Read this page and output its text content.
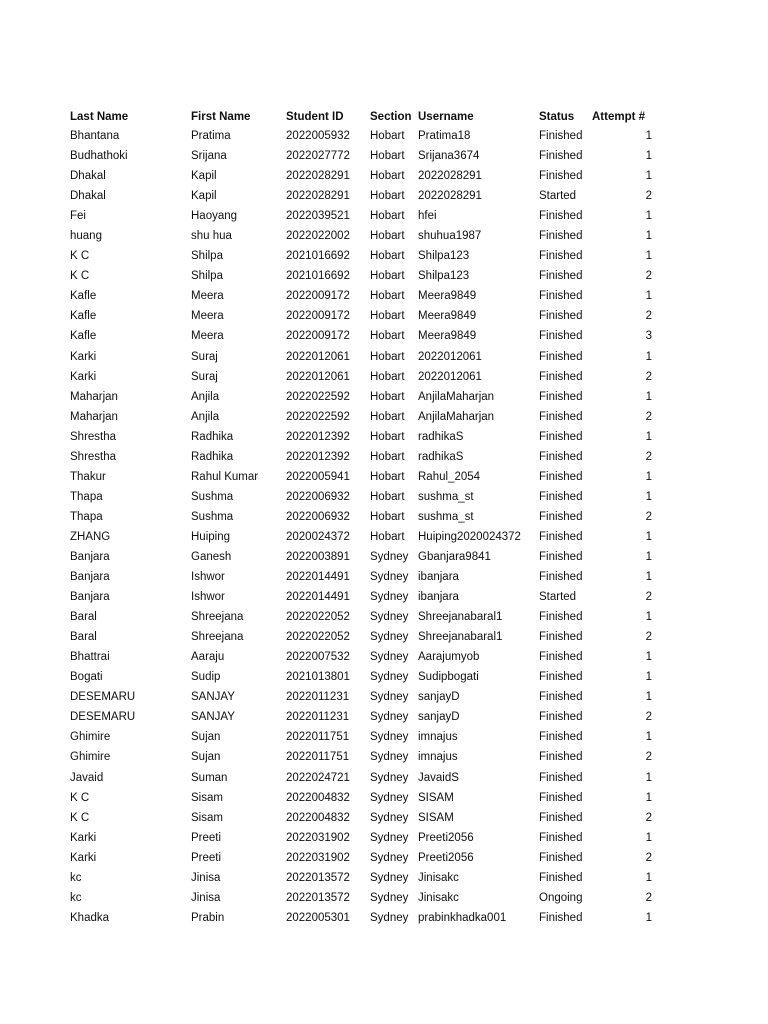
Last Name	First Name	Student ID	Section Username	Status	Attempt #
Bhantana	Pratima	2022005932	Hobart	Pratima18	Finished	1
Budhathoki	Srijana	2022027772	Hobart	Srijana3674	Finished	1
Dhakal	Kapil	2022028291	Hobart	2022028291	Finished	1
Dhakal	Kapil	2022028291	Hobart	2022028291	Started	2
Fei	Haoyang	2022039521	Hobart	hfei	Finished	1
huang	shu hua	2022022002	Hobart	shuhua1987	Finished	1
K C	Shilpa	2021016692	Hobart	Shilpa123	Finished	1
K C	Shilpa	2021016692	Hobart	Shilpa123	Finished	2
Kafle	Meera	2022009172	Hobart	Meera9849	Finished	1
Kafle	Meera	2022009172	Hobart	Meera9849	Finished	2
Kafle	Meera	2022009172	Hobart	Meera9849	Finished	3
Karki	Suraj	2022012061	Hobart	2022012061	Finished	1
Karki	Suraj	2022012061	Hobart	2022012061	Finished	2
Maharjan	Anjila	2022022592	Hobart	AnjilaMaharjan	Finished	1
Maharjan	Anjila	2022022592	Hobart	AnjilaMaharjan	Finished	2
Shrestha	Radhika	2022012392	Hobart	radhikaS	Finished	1
Shrestha	Radhika	2022012392	Hobart	radhikaS	Finished	2
Thakur	Rahul Kumar	2022005941	Hobart	Rahul_2054	Finished	1
Thapa	Sushma	2022006932	Hobart	sushma_st	Finished	1
Thapa	Sushma	2022006932	Hobart	sushma_st	Finished	2
ZHANG	Huiping	2020024372	Hobart	Huiping2020024372	Finished	1
Banjara	Ganesh	2022003891	Sydney Gbanjara9841	Finished	1
Banjara	Ishwor	2022014491	Sydney ibanjara	Finished	1
Banjara	Ishwor	2022014491	Sydney ibanjara	Started	2
Baral	Shreejana	2022022052	Sydney Shreejanabaral1	Finished	1
Baral	Shreejana	2022022052	Sydney Shreejanabaral1	Finished	2
Bhattrai	Aaraju	2022007532	Sydney Aarajumyob	Finished	1
Bogati	Sudip	2021013801	Sydney Sudipbogati	Finished	1
DESEMARU	SANJAY	2022011231	Sydney sanjayD	Finished	1
DESEMARU	SANJAY	2022011231	Sydney sanjayD	Finished	2
Ghimire	Sujan	2022011751	Sydney imnajus	Finished	1
Ghimire	Sujan	2022011751	Sydney imnajus	Finished	2
Javaid	Suman	2022024721	Sydney JavaidS	Finished	1
K C	Sisam	2022004832	Sydney SISAM	Finished	1
K C	Sisam	2022004832	Sydney SISAM	Finished	2
Karki	Preeti	2022031902	Sydney Preeti2056	Finished	1
Karki	Preeti	2022031902	Sydney Preeti2056	Finished	2
kc	Jinisa	2022013572	Sydney Jinisakc	Finished	1
kc	Jinisa	2022013572	Sydney Jinisakc	Ongoing	2
Khadka	Prabin	2022005301	Sydney prabinkhadka001	Finished	1
